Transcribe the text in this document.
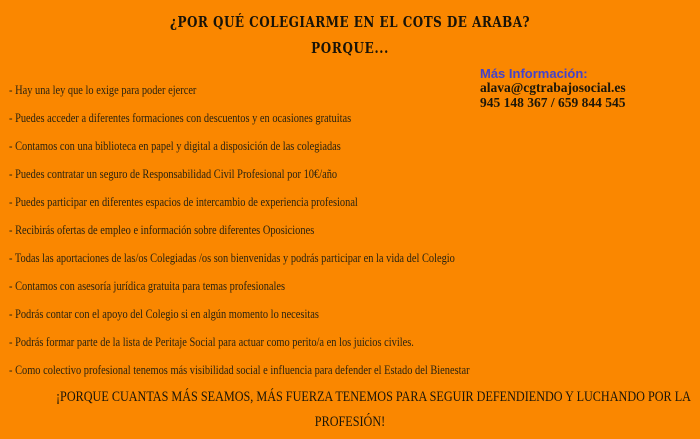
¿POR QUÉ COLEGIARME EN EL COTS DE ARABA?
PORQUE...
Más Información:
alava@cgtrabajosocial.es
945 148 367 / 659 844 545
- Hay una ley que lo exige para poder ejercer
- Puedes acceder a diferentes formaciones con descuentos y en ocasiones gratuitas
- Contamos con una biblioteca en papel y digital a disposición de las colegiadas
- Puedes contratar un seguro de Responsabilidad Civil Profesional por 10€/año
- Puedes participar en diferentes espacios de intercambio de experiencia profesional
- Recibirás ofertas de empleo e información sobre diferentes Oposiciones
- Todas las aportaciones de las/os Colegiadas /os son bienvenidas y podrás participar en la vida del Colegio
- Contamos con asesoría jurídica gratuita para temas profesionales
- Podrás contar con el apoyo del Colegio si en algún momento lo necesitas
- Podrás formar parte de la lista de Peritaje Social para actuar como perito/a en los juicios civiles.
- Como colectivo profesional tenemos más visibilidad social e influencia para defender el Estado del Bienestar
¡PORQUE CUANTAS MÁS SEAMOS, MÁS FUERZA TENEMOS PARA SEGUIR DEFENDIENDO Y LUCHANDO POR LA
PROFESIÓN!
